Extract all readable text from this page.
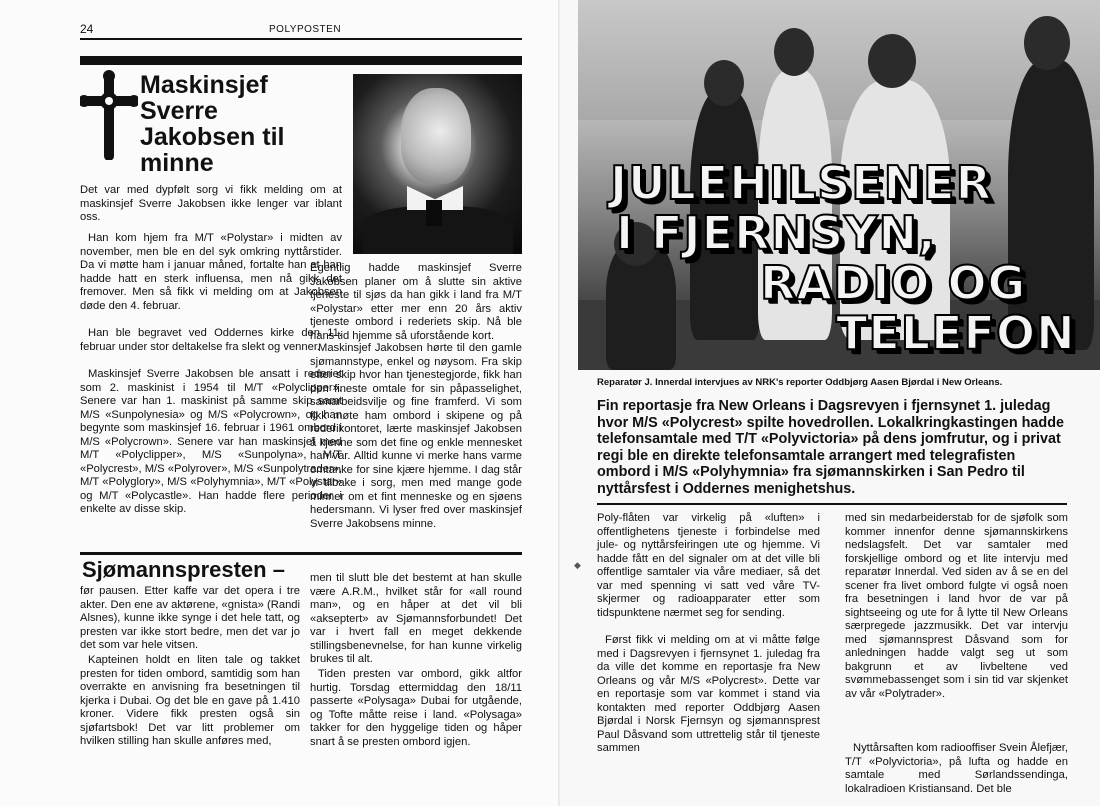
24	POLYPOSTEN
Maskinsjef Sverre Jakobsen til minne

Det var med dypfølt sorg vi fikk melding om at maskinsjef Sverre Jakobsen ikke lenger var iblant oss.

Han kom hjem fra M/T «Polystar» i midten av november, men ble en del syk omkring nyttårstider. Da vi møtte ham i januar måned, fortalte han at han hadde hatt en sterk influensa, men nå gikk det fremover. Men så fikk vi melding om at Jakobsen døde den 4. februar.

Han ble begravet ved Oddernes kirke den 11. februar under stor deltakelse fra slekt og venner.

Maskinsjef Sverre Jakobsen ble ansatt i rederiet som 2. maskinist i 1954 til M/T «Polyclipper». Senere var han 1. maskinist på samme skip samt M/S «Sunpolynesia» og M/S «Polycrown», og han begynte som maskinsjef 16. februar i 1961 ombord i M/S «Polycrown». Senere var han maskinsjef med M/T «Polyclipper», M/S «Sunpolyna», M/T «Polycrest», M/S «Polyrover», M/S «Sunpolytrader», M/T «Polyglory», M/S «Polyhymnia», M/T «Polystar» og M/T «Polycastle». Han hadde flere perioder i enkelte av disse skip.

Egentlig hadde maskinsjef Sverre Jakobsen planer om å slutte sin aktive tjeneste til sjøs da han gikk i land fra M/T «Polystar» etter mer enn 20 års aktiv tjeneste ombord i rederiets skip. Nå ble hans tid hjemme så uforstående kort.

Maskinsjef Jakobsen hørte til den gamle sjømannstype, enkel og nøysom. Fra skip etter skip hvor han tjenestegjorde, fikk han den fineste omtale for sin påpasselighet, samarbeidsvilje og fine framferd. Vi som fikk møte ham ombord i skipene og på rederikontoret, lærte maskinsjef Jakobsen å kjenne som det fine og enkle mennesket han var. Alltid kunne vi merke hans varme omtanke for sine kjære hjemme. I dag står vi tilbake i sorg, men med mange gode minner om et fint menneske og en sjøens hedersmann. Vi lyser fred over maskinsjef Sverre Jakobsens minne.

Sjømannspresten –

før pausen. Etter kaffe var det opera i tre akter. Den ene av aktørene, «gnista» (Randi Alsnes), kunne ikke synge i det hele tatt, og presten var ikke stort bedre, men det var jo det som var hele vitsen.

Kapteinen holdt en liten tale og takket presten for tiden ombord, samtidig som han overrakte en anvisning fra besetningen til kjerka i Dubai. Og det ble en gave på 1.410 kroner. Videre fikk presten også sin sjøfartsbok! Det var litt problemer om hvilken stilling han skulle anføres med,

men til slutt ble det bestemt at han skulle være A.R.M., hvilket står for «all round man», og en håper at det vil bli «akseptert» av Sjømannsforbundet! Det var i hvert fall en meget dekkende stillingsbenevnelse, for han kunne virkelig brukes til alt.

Tiden presten var ombord, gikk altfor hurtig. Torsdag ettermiddag den 18/11 passerte «Polysaga» Dubai for utgående, og Tofte måtte reise i land. «Polysaga» takker for den hyggelige tiden og håper snart å se presten ombord igjen.

JULEHILSENER
I FJERNSYN,
RADIO OG
TELEFON
Reparatør J. Innerdal intervjues av NRK's reporter Oddbjørg Aasen Bjørdal i New Orleans.

Fin reportasje fra New Orleans i Dagsrevyen i fjernsynet 1. juledag hvor M/S «Polycrest» spilte hovedrollen. Lokalkringkastingen hadde telefonsamtale med T/T «Polyvictoria» på dens jomfrutur, og i privat regi ble en direkte telefonsamtale arrangert med telegrafisten ombord i M/S «Polyhymnia» fra sjømannskirken i San Pedro til nyttårsfest i Oddernes menighetshus.

◆

Poly-flåten var virkelig på «luften» i offentlighetens tjeneste i forbindelse med jule- og nyttårsfeiringen ute og hjemme. Vi hadde fått en del signaler om at det ville bli offentlige samtaler via våre mediaer, så det var med spenning vi satt ved våre TV-skjermer og radioapparater etter som tidspunktene nærmet seg for sending.

Først fikk vi melding om at vi måtte følge med i Dagsrevyen i fjernsynet 1. juledag fra da ville det komme en reportasje fra New Orleans og vår M/S «Polycrest». Dette var en reportasje som var kommet i stand via kontakten med reporter Oddbjørg Aasen Bjørdal i Norsk Fjernsyn og sjømannsprest Paul Dåsvand som uttrettelig står til tjeneste sammen

med sin medarbeiderstab for de sjøfolk som kommer innenfor denne sjømannskirkens nedslagsfelt. Det var samtaler med forskjellige ombord og et lite intervju med reparatør Innerdal. Ved siden av å se en del scener fra livet ombord fulgte vi også noen fra besetningen i land hvor de var på sightseeing og ute for å lytte til New Orleans særpregede jazzmusikk. Det var intervju med sjømannsprest Dåsvand som for anledningen hadde valgt seg ut som bakgrunn et av livbeltene ved svømmebassenget som i sin tid var skjenket av vår «Polytrader».

Nyttårsaften kom radiooffiser Svein Ålefjær, T/T «Polyvictoria», på lufta og hadde en samtale med Sørlandssendinga, lokalradioen Kristiansand. Det ble
